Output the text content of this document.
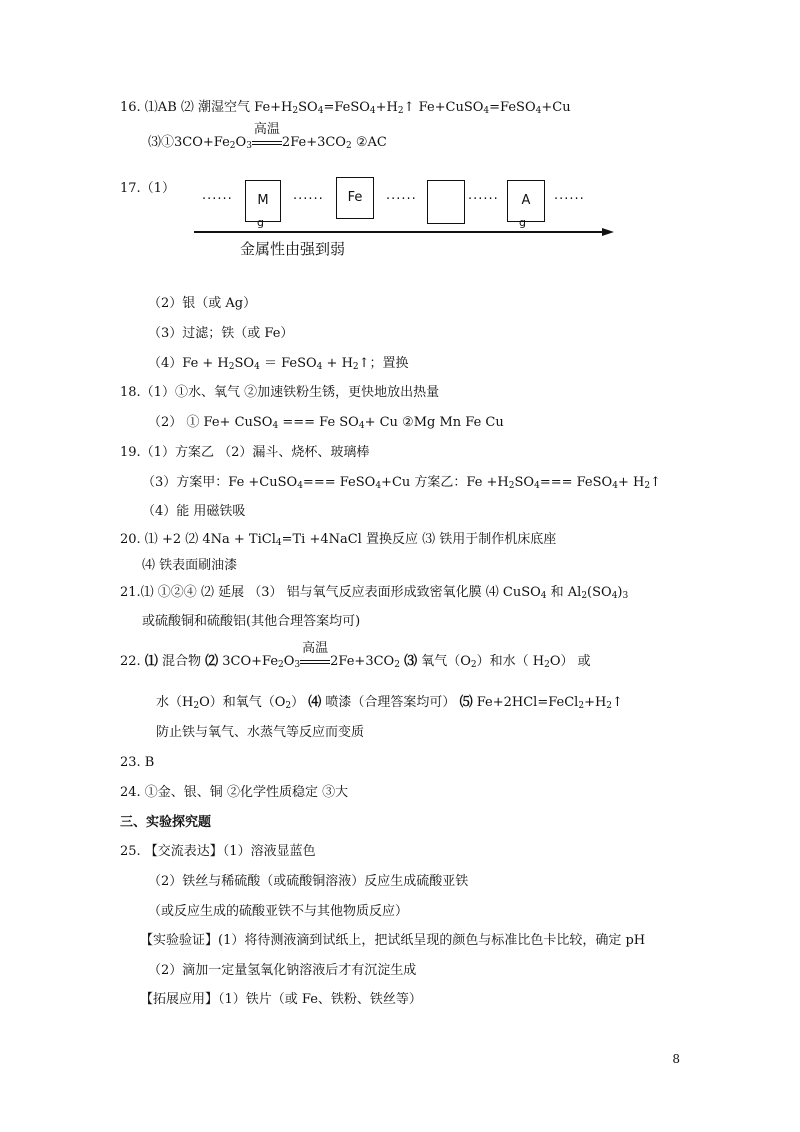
16. ⑴AB ⑵ 潮湿空气 $Fe+H_2SO_4=FeSO_4+H_2↑$ Fe+CuSO$_4$=FeSO$_4$+Cu
$⑶①3CO+Fe_2O_3$
高温
$2Fe+3CO_2$ ②AC
17.（1）
······	M
g
······	Fe	······	······	A
g
······
金属性由强到弱
（2）银（或 Ag）
（3）过滤；铁（或 Fe）
$(4)Fe + H_2SO_4$ ＝ FeSO$_4$ + $H_2↑$；置换
18.（1）①水、氧气 ②加速铁粉生锈，更快地放出热量
（2） ① Fe+ CuSO$_4$ === Fe $SO_4+ Cu$ ②Mg Mn Fe Cu
19.（1）方案乙 （2）漏斗、烧杯、玻璃棒
（3）方案甲：Fe +CuSO$_4$=== FeSO$_4$+Cu 方案乙：$Fe +H_2SO_4===$ FeSO$_4$+ $H_2↑$
（4）能 用磁铁吸
20. ⑴ +2 ⑵ 4Na + TiCl$_4$=Ti +4NaCl 置换反应 ⑶ 铁用于制作机床底座
⑷ 铁表面刷油漆
21.⑴ ①②④ ⑵ 延展 （3） 铝与氧气反应表面形成致密氧化膜 ⑷ CuSO$_4$ 和 $Al_2(SO_4)_3$
或硫酸铜和硫酸铝(其他合理答案均可)
22. ⑴ 混合物 ⑵ $3CO+Fe_2O_3$
高温
$2Fe+3CO_2$ ⑶ 氧气$(O_2)$和水（ $H_2O$） 或
水$(H_2O)$和氧气$(O_2)$ ⑷ 喷漆（合理答案均可） ⑸ $Fe+2HCl=FeCl_2+H_2↑$
防止铁与氧气、水蒸气等反应而变质
23. B
24. ①金、银、铜 ②化学性质稳定 ③大
三、实验探究题
25. 【交流表达】（1）溶液显蓝色
（2）铁丝与稀硫酸（或硫酸铜溶液）反应生成硫酸亚铁
（或反应生成的硫酸亚铁不与其他物质反应）
【实验验证】(1）将待测液滴到试纸上，把试纸呈现的颜色与标准比色卡比较，确定 pH
（2）滴加一定量氢氧化钠溶液后才有沉淀生成
【拓展应用】（1）铁片（或 Fe、铁粉、铁丝等）
8
